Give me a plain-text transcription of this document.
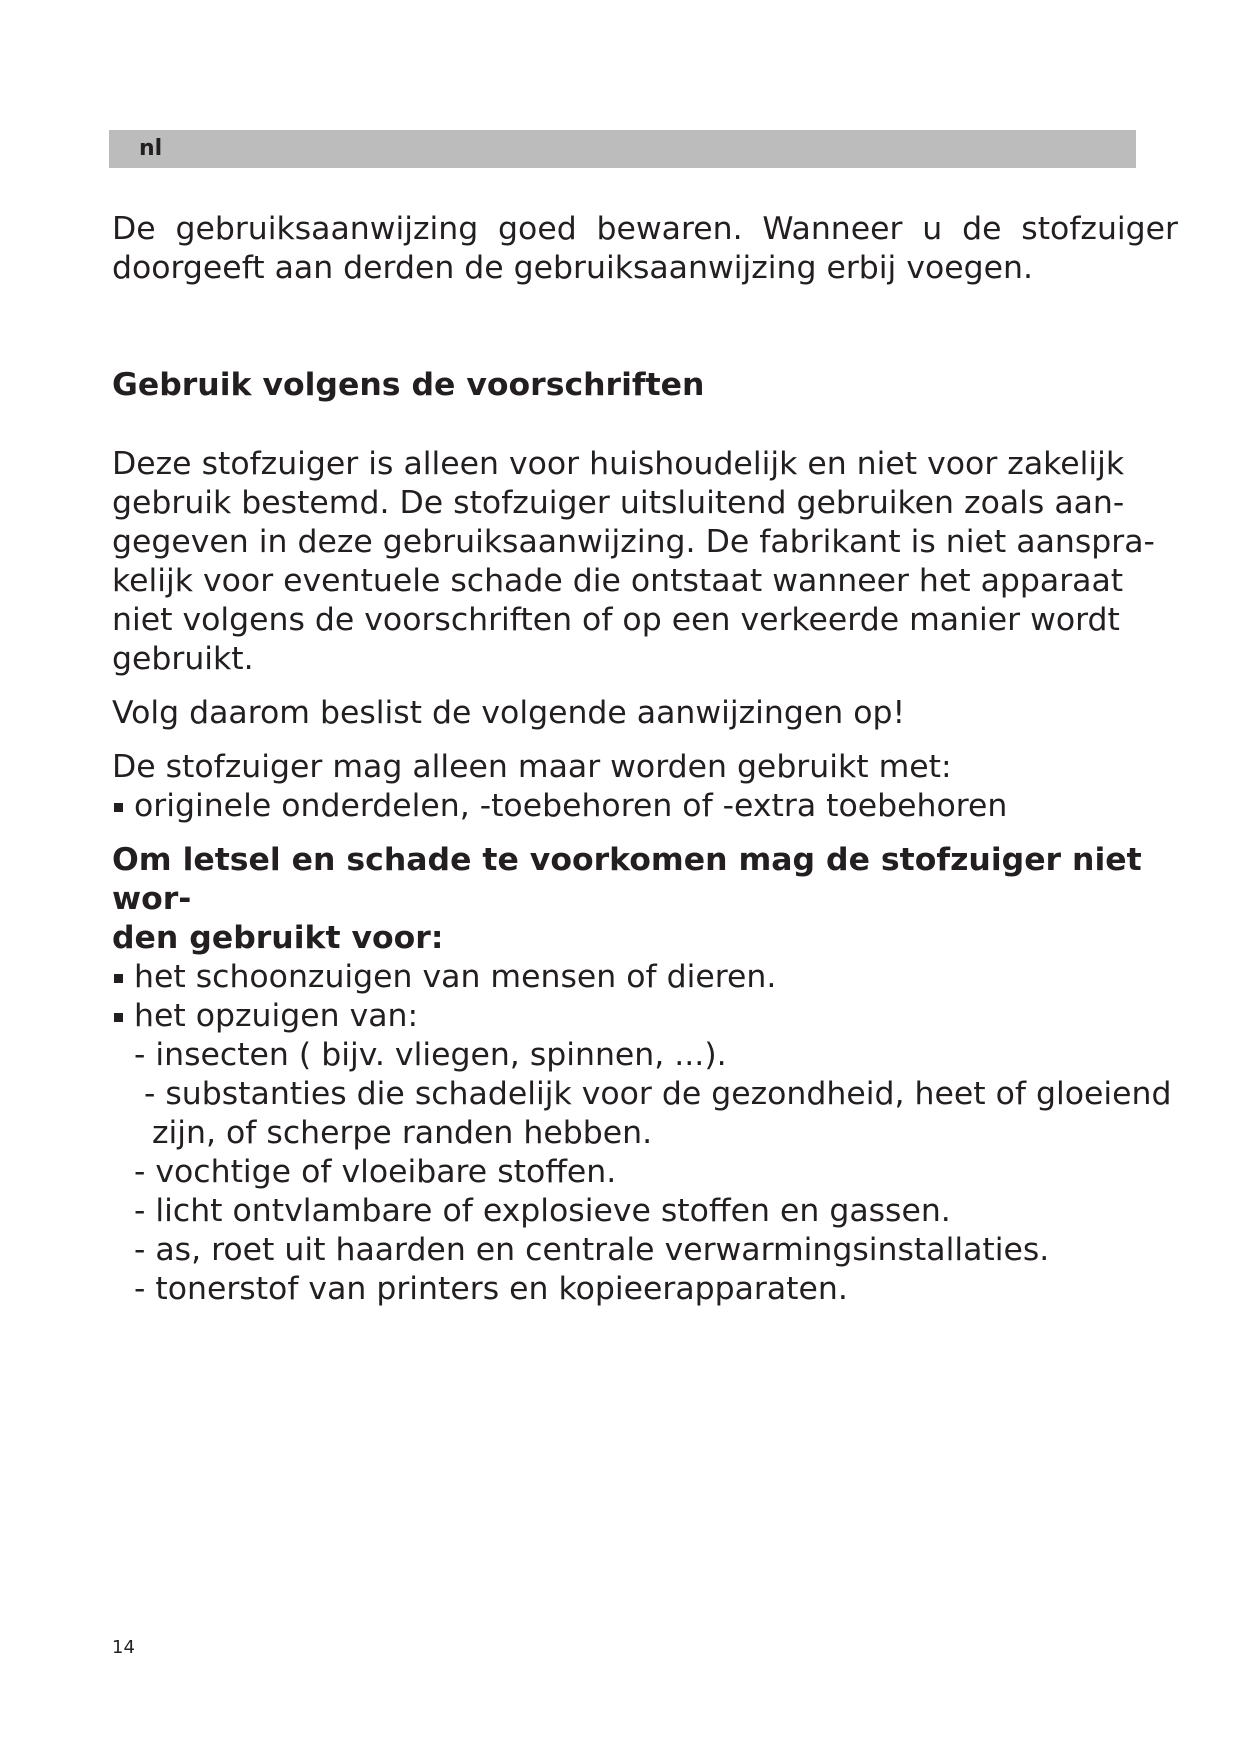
nl

De gebruiksaanwijzing goed bewaren. Wanneer u de stofzuiger doorgeeft aan derden de gebruiksaanwijzing erbij voegen.

Gebruik volgens de voorschriften

Deze stofzuiger is alleen voor huishoudelijk en niet voor zakelijk
gebruik bestemd. De stofzuiger uitsluitend gebruiken zoals aan-
gegeven in deze gebruiksaanwijzing. De fabrikant is niet aanspra-
kelijk voor eventuele schade die ontstaat wanneer het apparaat
niet volgens de voorschriften of op een verkeerde manier wordt
gebruikt.

Volg daarom beslist de volgende aanwijzingen op!

De stofzuiger mag alleen maar worden gebruikt met:
originele onderdelen, -toebehoren of -extra toebehoren
Om letsel en schade te voorkomen mag de stofzuiger niet wor-
den gebruikt voor:
het schoonzuigen van mensen of dieren.
het opzuigen van:
- insecten ( bijv. vliegen, spinnen, ...).
- substanties die schadelijk voor de gezondheid, heet of gloeiend
zijn, of scherpe randen hebben.
- vochtige of vloeibare stoffen.
- licht ontvlambare of explosieve stoffen en gassen.
- as, roet uit haarden en centrale verwarmingsinstallaties.
- tonerstof van printers en kopieerapparaten.
14
